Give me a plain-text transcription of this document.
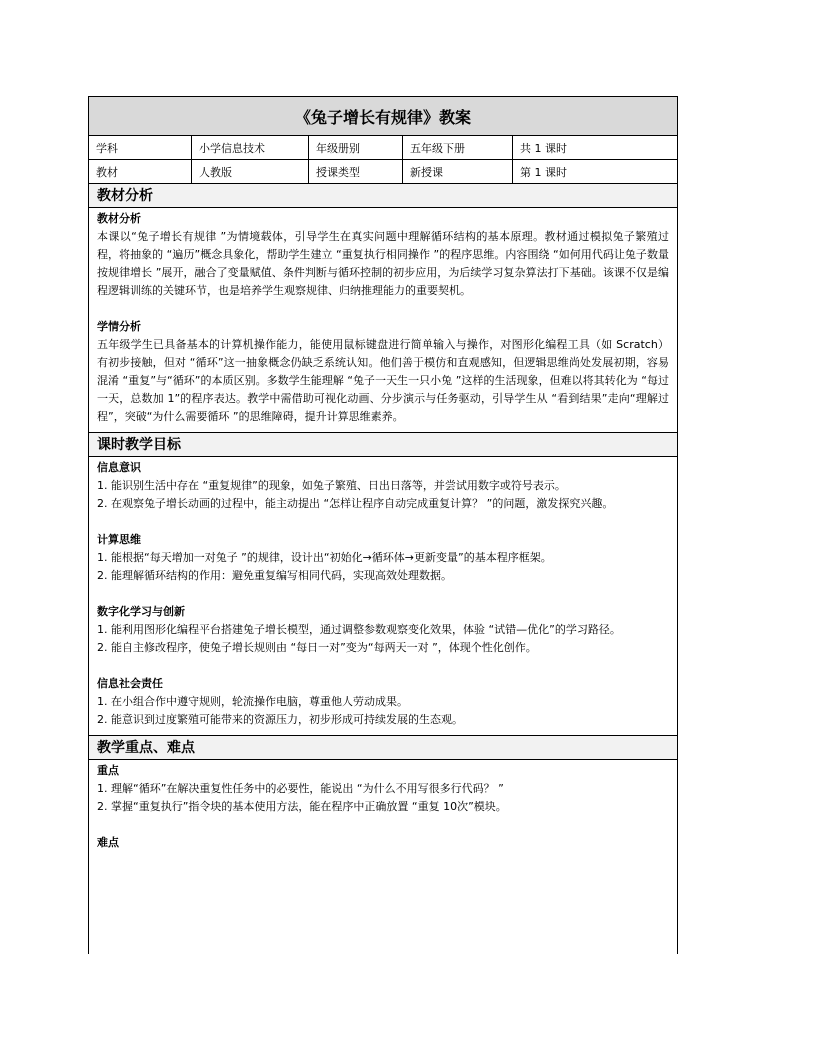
《兔子增长有规律》教案
学科	小学信息技术	年级册别	五年级下册	共 1 课时
教材	人教版	授课类型	新授课	第 1 课时
教材分析
教材分析
本课以“兔子增长有规律 ”为情境载体，引导学生在真实问题中理解循环结构的基本原理。教材通过模拟兔子繁殖过程，将抽象的 “遍历”概念具象化，帮助学生建立 “重复执行相同操作 ”的程序思维。内容围绕 “如何用代码让兔子数量按规律增长 ”展开，融合了变量赋值、条件判断与循环控制的初步应用，为后续学习复杂算法打下基础。该课不仅是编程逻辑训练的关键环节，也是培养学生观察规律、归纳推理能力的重要契机。
学情分析
五年级学生已具备基本的计算机操作能力，能使用鼠标键盘进行简单输入与操作，对图形化编程工具（如 Scratch）有初步接触，但对 “循环”这一抽象概念仍缺乏系统认知。他们善于模仿和直观感知，但逻辑思维尚处发展初期，容易混淆 “重复”与“循环”的本质区别。多数学生能理解 “兔子一天生一只小兔 ”这样的生活现象，但难以将其转化为 “每过一天，总数加 1”的程序表达。教学中需借助可视化动画、分步演示与任务驱动，引导学生从 “看到结果”走向“理解过程”，突破“为什么需要循环 ”的思维障碍，提升计算思维素养。
课时教学目标
信息意识
1. 能识别生活中存在 “重复规律”的现象，如兔子繁殖、日出日落等，并尝试用数字或符号表示。
2. 在观察兔子增长动画的过程中，能主动提出 “怎样让程序自动完成重复计算？ ”的问题，激发探究兴趣。
计算思维
1. 能根据“每天增加一对兔子 ”的规律，设计出“初始化→循环体→更新变量”的基本程序框架。
2. 能理解循环结构的作用：避免重复编写相同代码，实现高效处理数据。
数字化学习与创新
1. 能利用图形化编程平台搭建兔子增长模型，通过调整参数观察变化效果，体验 “试错—优化”的学习路径。
2. 能自主修改程序，使兔子增长规则由 “每日一对”变为“每两天一对 ”，体现个性化创作。
信息社会责任
1. 在小组合作中遵守规则，轮流操作电脑，尊重他人劳动成果。
2. 能意识到过度繁殖可能带来的资源压力，初步形成可持续发展的生态观。
教学重点、难点
重点
1. 理解“循环”在解决重复性任务中的必要性，能说出 “为什么不用写很多行代码？ ”
2. 掌握“重复执行”指令块的基本使用方法，能在程序中正确放置 “重复 10次”模块。
难点
